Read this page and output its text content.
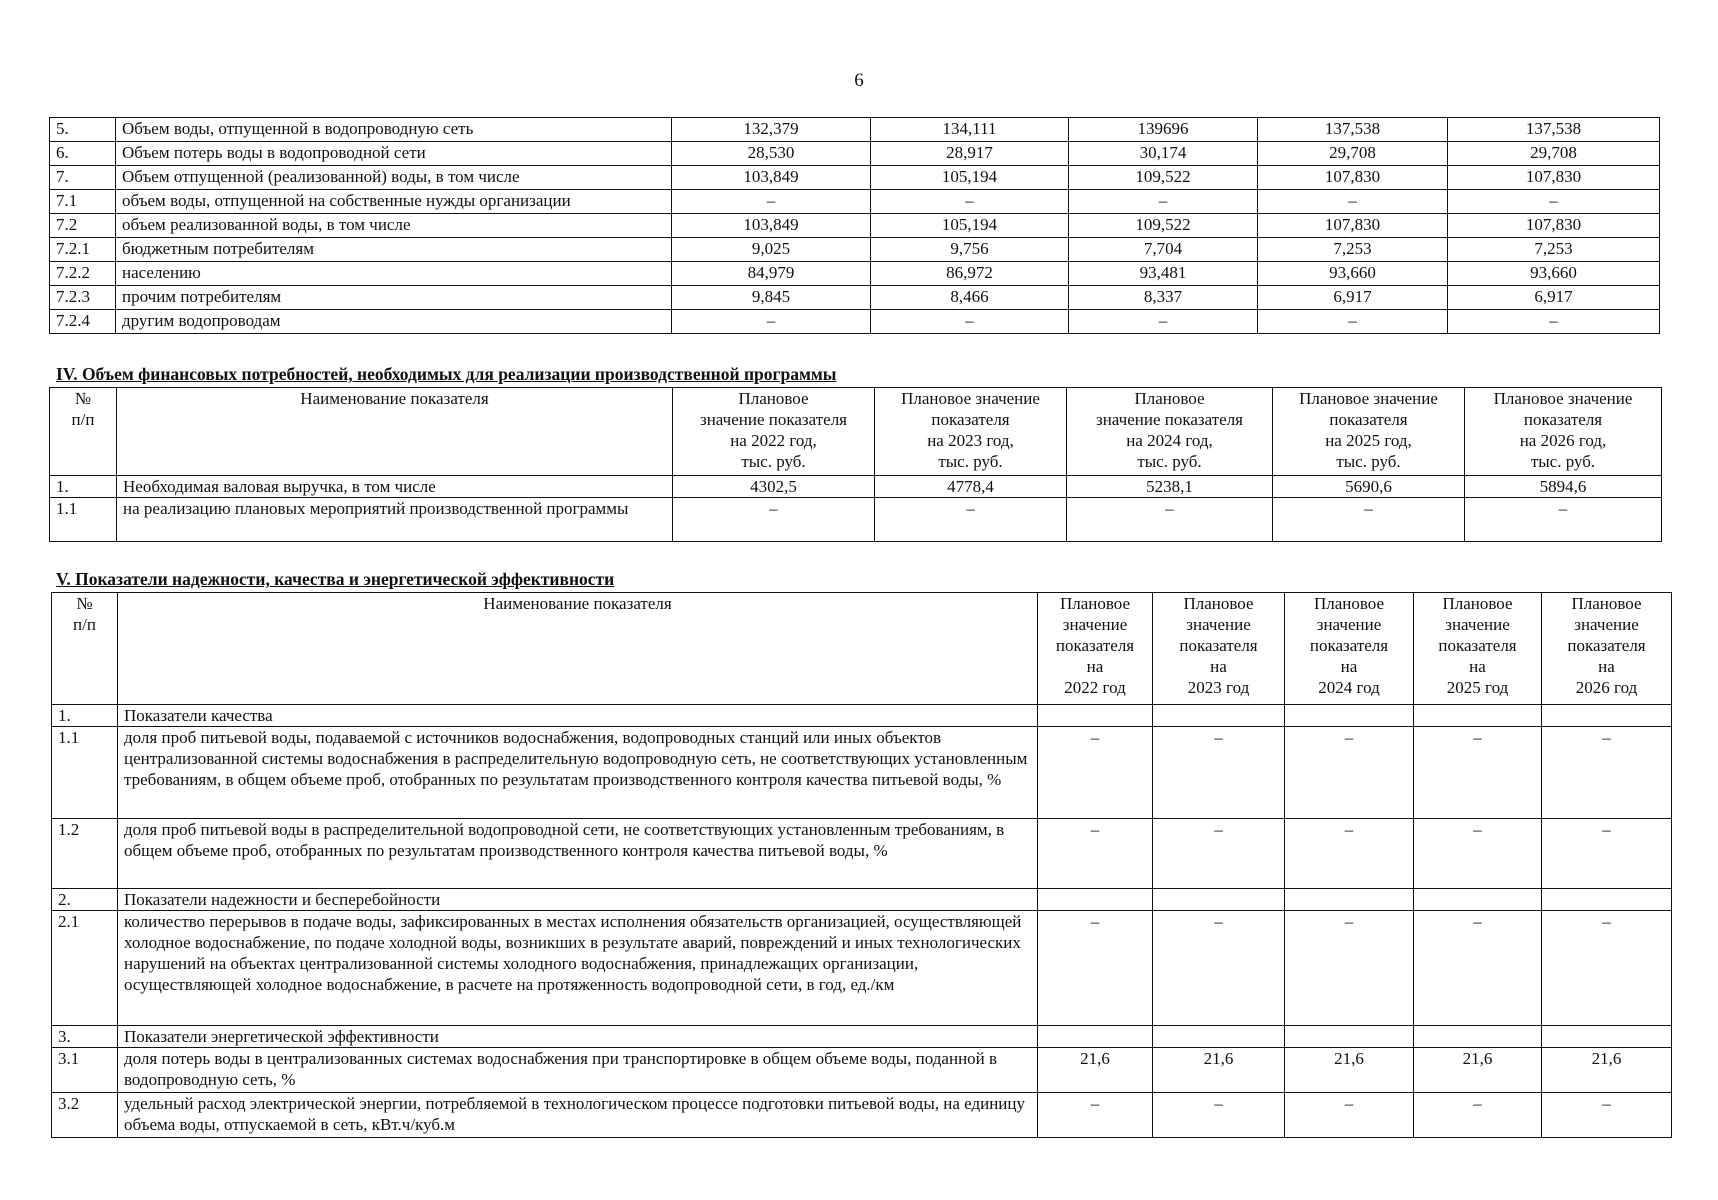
6
5.	Объем воды, отпущенной в водопроводную сеть	132,379	134,111	139696	137,538	137,538
6.	Объем потерь воды в водопроводной сети	28,530	28,917	30,174	29,708	29,708
7.	Объем отпущенной (реализованной) воды, в том числе	103,849	105,194	109,522	107,830	107,830
7.1	объем воды, отпущенной на собственные нужды организации	–	–	–	–	–
7.2	объем реализованной воды, в том числе	103,849	105,194	109,522	107,830	107,830
7.2.1	бюджетным потребителям	9,025	9,756	7,704	7,253	7,253
7.2.2	населению	84,979	86,972	93,481	93,660	93,660
7.2.3	прочим потребителям	9,845	8,466	8,337	6,917	6,917
7.2.4	другим водопроводам	–	–	–	–	–
IV. Объем финансовых потребностей, необходимых для реализации производственной программы
№
п/п	Наименование показателя	Плановое
значение показателя
на 2022 год,
тыс. руб.	Плановое значение
показателя
на 2023 год,
тыс. руб.	Плановое
значение показателя
на 2024 год,
тыс. руб.	Плановое значение
показателя
на 2025 год,
тыс. руб.	Плановое значение
показателя
на 2026 год,
тыс. руб.

1.	Необходимая валовая выручка, в том числе	4302,5	4778,4	5238,1	5690,6	5894,6
1.1	на реализацию плановых мероприятий производственной программы	–	–	–	–	–
V. Показатели надежности, качества и энергетической эффективности
№
п/п	Наименование показателя	Плановое
значение
показателя
на
2022 год	Плановое
значение
показателя
на
2023 год	Плановое
значение
показателя
на
2024 год	Плановое
значение
показателя
на
2025 год	Плановое
значение
показателя
на
2026 год

1.	Показатели качества					
1.1	доля проб питьевой воды, подаваемой с источников водоснабжения, водопроводных станций или иных объектов централизованной системы водоснабжения в распределительную водопроводную сеть, не соответствующих установленным требованиям, в общем объеме проб, отобранных по результатам производственного контроля качества питьевой воды, %	–	–	–	–	–
1.2	доля проб питьевой воды в распределительной водопроводной сети, не соответствующих установленным требованиям, в общем объеме проб, отобранных по результатам производственного контроля качества питьевой воды, %	–	–	–	–	–
2.	Показатели надежности и бесперебойности					
2.1	количество перерывов в подаче воды, зафиксированных в местах исполнения обязательств организацией, осуществляющей холодное водоснабжение, по подаче холодной воды, возникших в результате аварий, повреждений и иных технологических нарушений на объектах централизованной системы холодного водоснабжения, принадлежащих организации, осуществляющей холодное водоснабжение, в расчете на протяженность водопроводной сети, в год, ед./км	–	–	–	–	–
3.	Показатели энергетической эффективности					
3.1	доля потерь воды в централизованных системах водоснабжения при транспортировке в общем объеме воды, поданной в водопроводную сеть, %	21,6	21,6	21,6	21,6	21,6
3.2	удельный расход электрической энергии, потребляемой в технологическом процессе подготовки питьевой воды, на единицу объема воды, отпускаемой в сеть, кВт.ч/куб.м	–	–	–	–	–
